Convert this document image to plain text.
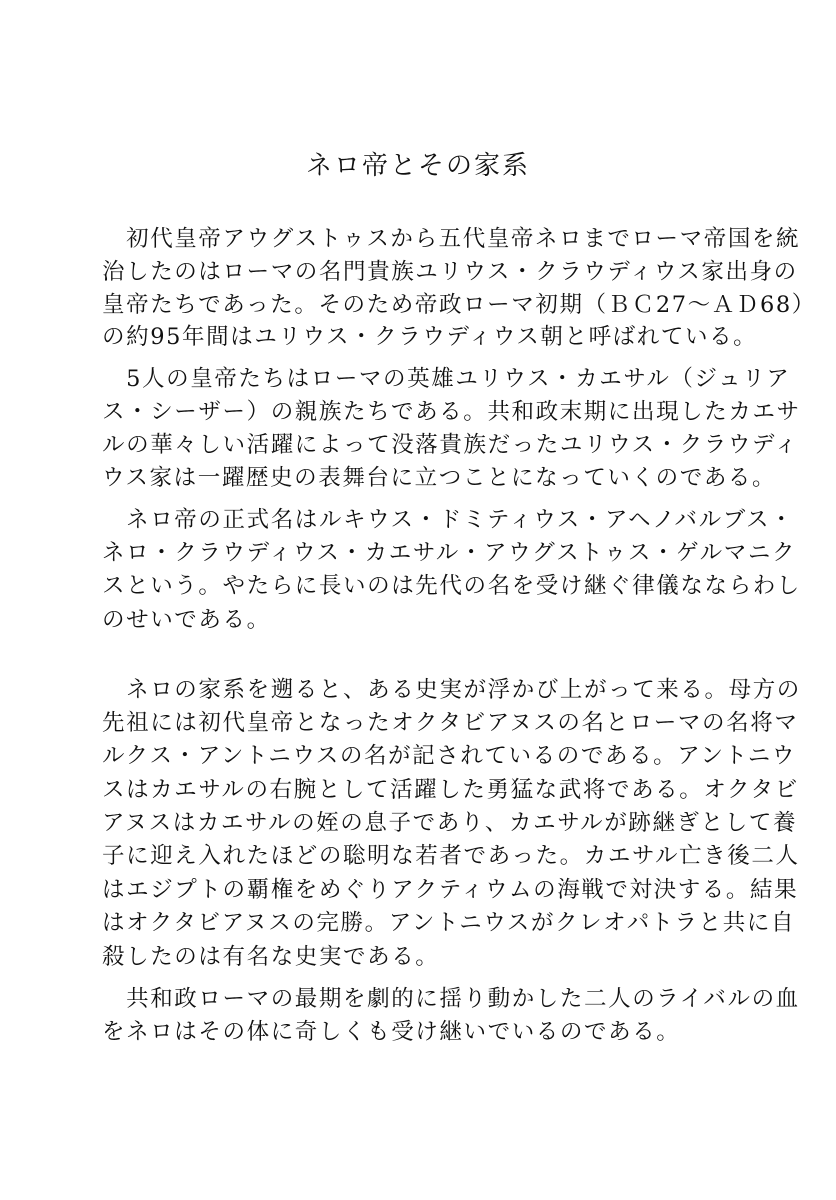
ネロ帝とその家系

　初代皇帝アウグストゥスから五代皇帝ネロまでローマ帝国を統

治したのはローマの名門貴族ユリウス・クラウディウス家出身の

皇帝たちであった。そのため帝政ローマ初期（ＢＣ27～ＡＤ68）

の約95年間はユリウス・クラウディウス朝と呼ばれている。

　5人の皇帝たちはローマの英雄ユリウス・カエサル（ジュリア

ス・シーザー）の親族たちである。共和政末期に出現したカエサ

ルの華々しい活躍によって没落貴族だったユリウス・クラウディ

ウス家は一躍歴史の表舞台に立つことになっていくのである。

　ネロ帝の正式名はルキウス・ドミティウス・アヘノバルブス・

ネロ・クラウディウス・カエサル・アウグストゥス・ゲルマニク

スという。やたらに長いのは先代の名を受け継ぐ律儀なならわし

のせいである。

　ネロの家系を遡ると、ある史実が浮かび上がって来る。母方の

先祖には初代皇帝となったオクタビアヌスの名とローマの名将マ

ルクス・アントニウスの名が記されているのである。アントニウ

スはカエサルの右腕として活躍した勇猛な武将である。オクタビ

アヌスはカエサルの姪の息子であり、カエサルが跡継ぎとして養

子に迎え入れたほどの聡明な若者であった。カエサル亡き後二人

はエジプトの覇権をめぐりアクティウムの海戦で対決する。結果

はオクタビアヌスの完勝。アントニウスがクレオパトラと共に自

殺したのは有名な史実である。

　共和政ローマの最期を劇的に揺り動かした二人のライバルの血

をネロはその体に奇しくも受け継いでいるのである。
